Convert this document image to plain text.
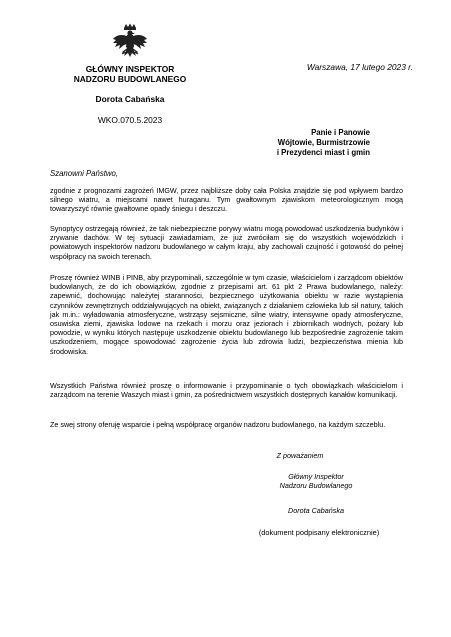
GŁÓWNY INSPEKTOR
NADZORU BUDOWLANEGO
Dorota Cabańska
WKO.070.5.2023
Warszawa, 17 lutego 2023 r.
Panie i Panowie
Wójtowie, Burmistrzowie
i Prezydenci miast i gmin
Szanowni Państwo,
zgodnie z prognozami zagrożeń IMGW, przez najbliższe doby cała Polska znajdzie się pod wpływem bardzo silnego wiatru, a miejscami nawet huraganu. Tym gwałtownym zjawiskom meteorologicznym mogą towarzyszyć równie gwałtowne opady śniegu i deszczu.
Synoptycy ostrzegają również, że tak niebezpieczne porywy wiatru mogą powodować uszkodzenia budynków i zrywanie dachów. W tej sytuacji zawiadamiam, że już zwróciłam się do wszystkich wojewódzkich i powiatowych inspektorów nadzoru budowlanego w całym kraju, aby zachowali czujność i gotowość do pełnej współpracy na swoich terenach.
Proszę również WINB i PINB, aby przypominali, szczególnie w tym czasie, właścicielom i zarządcom obiektów budowlanych, że do ich obowiązków, zgodnie z przepisami art. 61 pkt 2 Prawa budowlanego, należy: zapewnić, dochowując należytej staranności, bezpiecznego użytkowania obiektu w razie wystąpienia czynników zewnętrznych oddziaływujących na obiekt, związanych z działaniem człowieka lub sił natury, takich jak m.in.: wyładowania atmosferyczne, wstrząsy sejsmiczne, silne wiatry, intensywne opady atmosferyczne, osuwiska ziemi, zjawiska lodowe na rzekach i morzu oraz jeziorach i zbiornikach wodnych, pożary lub powodzie, w wyniku których następuje uszkodzenie obiektu budowlanego lub bezpośrednie zagrożenie takim uszkodzeniem, mogące spowodować zagrożenie życia lub zdrowia ludzi, bezpieczeństwa mienia lub środowiska.
Wszystkich Państwa również proszę o informowanie i przypominanie o tych obowiązkach właścicielom i zarządcom na terenie Waszych miast i gmin, za pośrednictwem wszystkich dostępnych kanałów komunikacji.
Ze swej strony oferuję wsparcie i pełną współpracę organów nadzoru budowlanego, na każdym szczeblu.
Z poważaniem
Główny Inspektor
Nadzoru Budowlanego
Dorota Cabańska
(dokument podpisany elektronicznie)
